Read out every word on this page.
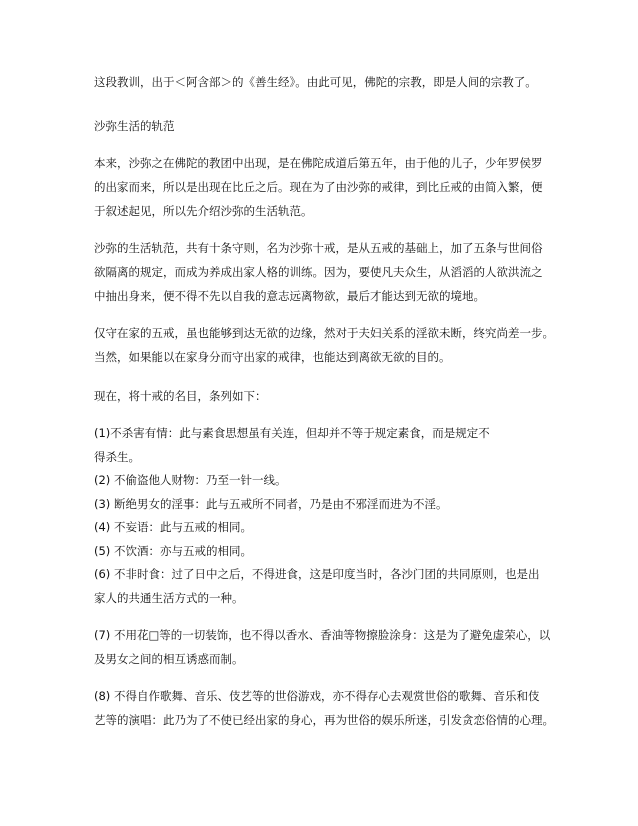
这段教训，出于＜阿含部＞的《善生经》。由此可见，佛陀的宗教，即是人间的宗教了。
沙弥生活的轨范
本来，沙弥之在佛陀的教团中出现，是在佛陀成道后第五年，由于他的儿子，少年罗侯罗
的出家而来，所以是出现在比丘之后。现在为了由沙弥的戒律，到比丘戒的由简入繁，便
于叙述起见，所以先介绍沙弥的生活轨范。
沙弥的生活轨范，共有十条守则，名为沙弥十戒，是从五戒的基础上，加了五条与世间俗
欲隔离的规定，而成为养成出家人格的训练。因为，要使凡夫众生，从滔滔的人欲洪流之
中抽出身来，便不得不先以自我的意志远离物欲，最后才能达到无欲的境地。
仅守在家的五戒，虽也能够到达无欲的边缘，然对于夫妇关系的淫欲未断，终究尚差一步。
当然，如果能以在家身分而守出家的戒律，也能达到离欲无欲的目的。
现在，将十戒的名目，条列如下：
(1)不杀害有情：此与素食思想虽有关连，但却并不等于规定素食，而是规定不
得杀生。
(2) 不偷盗他人财物：乃至一针一线。
(3) 断绝男女的淫事：此与五戒所不同者，乃是由不邪淫而进为不淫。
(4) 不妄语：此与五戒的相同。
(5) 不饮酒：亦与五戒的相同。
(6) 不非时食：过了日中之后，不得进食，这是印度当时，各沙门团的共同原则，也是出
家人的共通生活方式的一种。
(7) 不用花□等的一切装饰，也不得以香水、香油等物擦脸涂身：这是为了避免虚荣心，以
及男女之间的相互诱惑而制。
(8) 不得自作歌舞、音乐、伎艺等的世俗游戏，亦不得存心去观赏世俗的歌舞、音乐和伎
艺等的演唱：此乃为了不使已经出家的身心，再为世俗的娱乐所迷，引发贪恋俗情的心理。
